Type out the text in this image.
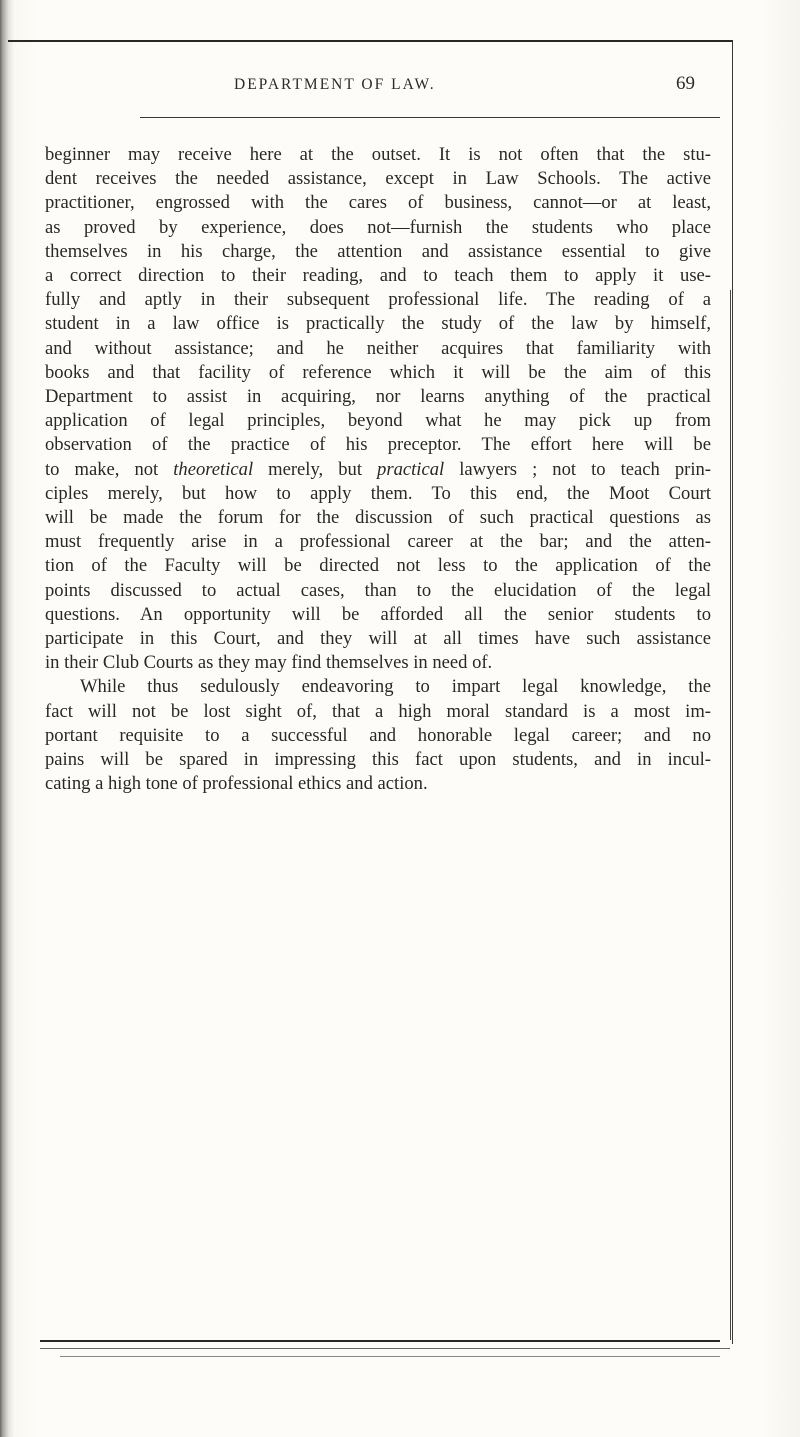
DEPARTMENT OF LAW.	69
beginner may receive here at the outset. It is not often that the stu-
dent receives the needed assistance, except in Law Schools. The active
practitioner, engrossed with the cares of business, cannot—or at least,
as proved by experience, does not—furnish the students who place
themselves in his charge, the attention and assistance essential to give
a correct direction to their reading, and to teach them to apply it use-
fully and aptly in their subsequent professional life. The reading of a
student in a law office is practically the study of the law by himself,
and without assistance; and he neither acquires that familiarity with
books and that facility of reference which it will be the aim of this
Department to assist in acquiring, nor learns anything of the practical
application of legal principles, beyond what he may pick up from
observation of the practice of his preceptor. The effort here will be
to make, not theoretical merely, but practical lawyers ; not to teach prin-
ciples merely, but how to apply them. To this end, the Moot Court
will be made the forum for the discussion of such practical questions as
must frequently arise in a professional career at the bar; and the atten-
tion of the Faculty will be directed not less to the application of the
points discussed to actual cases, than to the elucidation of the legal
questions. An opportunity will be afforded all the senior students to
participate in this Court, and they will at all times have such assistance
in their Club Courts as they may find themselves in need of.
While thus sedulously endeavoring to impart legal knowledge, the
fact will not be lost sight of, that a high moral standard is a most im-
portant requisite to a successful and honorable legal career; and no
pains will be spared in impressing this fact upon students, and in incul-
cating a high tone of professional ethics and action.
